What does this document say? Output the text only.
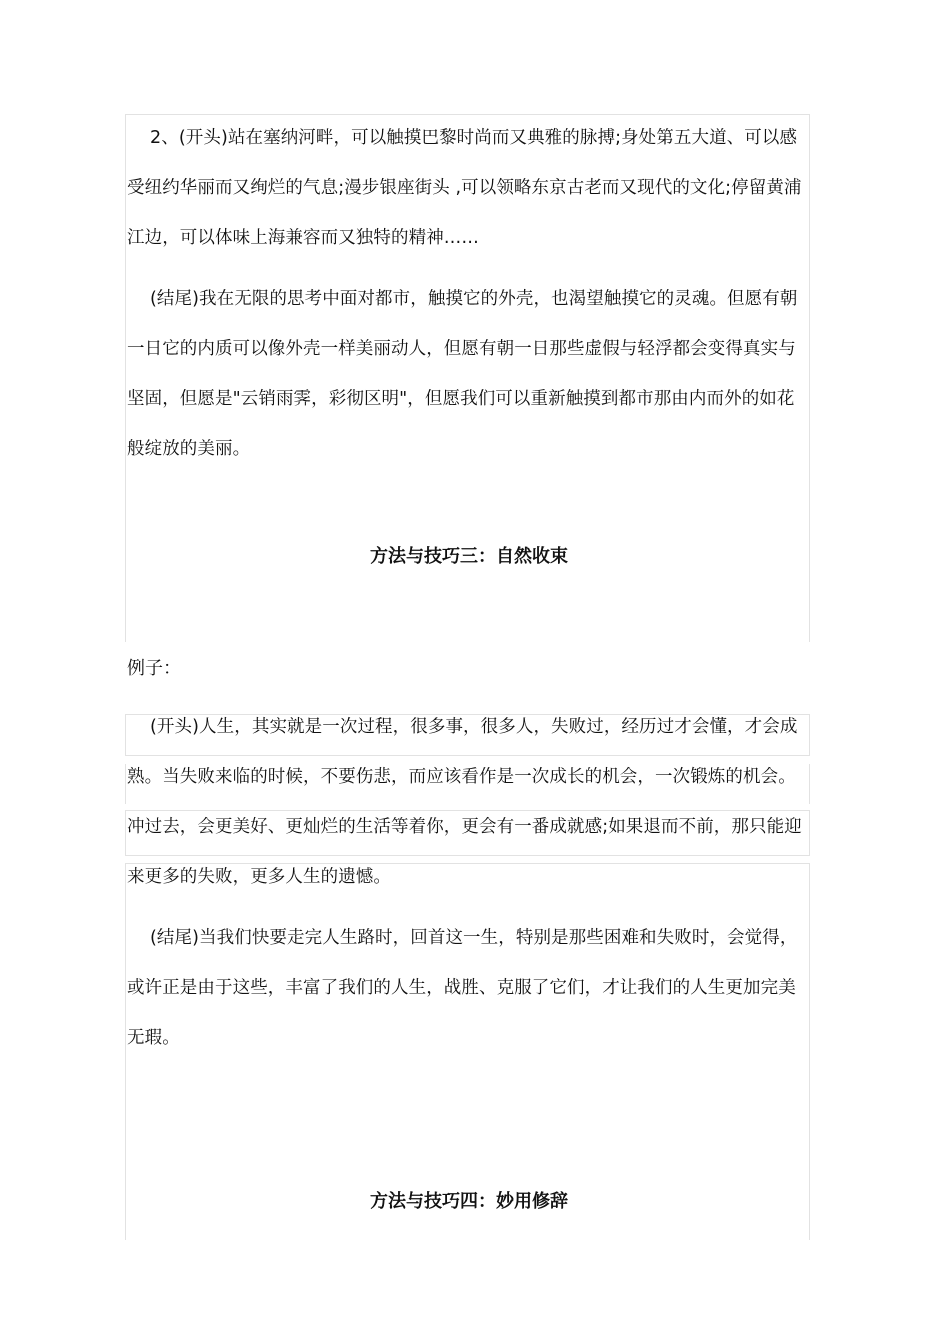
2、(开头)站在塞纳河畔，可以触摸巴黎时尚而又典雅的脉搏;身处第五大道、可以感受纽约华丽而又绚烂的气息;漫步银座街头 ,可以领略东京古老而又现代的文化;停留黄浦江边，可以体味上海兼容而又独特的精神……

(结尾)我在无限的思考中面对都市，触摸它的外壳，也渴望触摸它的灵魂。但愿有朝一日它的内质可以像外壳一样美丽动人，但愿有朝一日那些虚假与轻浮都会变得真实与坚固，但愿是"云销雨霁，彩彻区明"，但愿我们可以重新触摸到都市那由内而外的如花般绽放的美丽。

方法与技巧三：自然收束
例子：

(开头)人生，其实就是一次过程，很多事，很多人，失败过，经历过才会懂，才会成熟。当失败来临的时候，不要伤悲，而应该看作是一次成长的机会，一次锻炼的机会。冲过去，会更美好、更灿烂的生活等着你，更会有一番成就感;如果退而不前，那只能迎来更多的失败，更多人生的遗憾。

(结尾)当我们快要走完人生路时，回首这一生，特别是那些困难和失败时，会觉得，或许正是由于这些，丰富了我们的人生，战胜、克服了它们，才让我们的人生更加完美无瑕。

方法与技巧四：妙用修辞
